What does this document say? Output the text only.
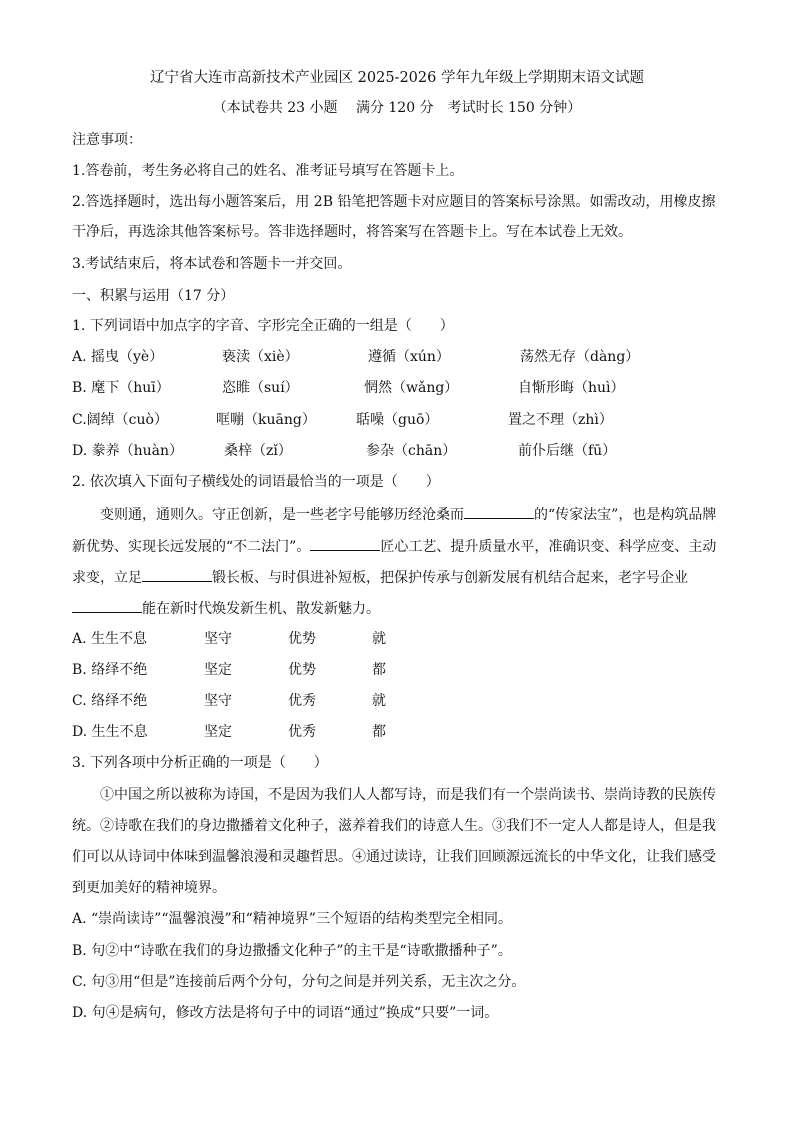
辽宁省大连市高新技术产业园区 2025-2026 学年九年级上学期期末语文试题
（本试卷共 23 小题　 满分 120 分　考试时长 150 分钟）
注意事项：
1.答卷前，考生务必将自己的姓名、准考证号填写在答题卡上。
2.答选择题时，选出每小题答案后，用 2B 铅笔把答题卡对应题目的答案标号涂黑。如需改动，用橡皮擦
干净后，再选涂其他答案标号。答非选择题时，将答案写在答题卡上。写在本试卷上无效。
3.考试结束后，将本试卷和答题卡一并交回。
一、积累与运用（17 分）
1. 下列词语中加点字的字音、字形完全正确的一组是（　　）
A. 摇曳（yè）	亵渎（xiè）	遵循（xún）	荡然无存（dàng）
B. 麾下（huī）	恣睢（suí）	惘然（wǎng）	自惭形晦（huì）
C.阔绰（cuò）	哐嘣（kuāng）	聒噪（guō）	置之不理（zhì）
D. 豢养（huàn）	桑梓（zǐ）	参杂（chān）	前仆后继（fū）
2. 依次填入下面句子横线处的词语最恰当的一项是（　　）
变则通，通则久。守正创新，是一些老字号能够历经沧桑而	的“传家法宝”，也是构筑品牌
新优势、实现长远发展的“不二法门”。	匠心工艺、提升质量水平，准确识变、科学应变、主动
求变，立足	锻长板、与时俱进补短板，把保护传承与创新发展有机结合起来，老字号企业
能在新时代焕发新生机、散发新魅力。
A. 生生不息	坚守	优势	就
B. 络绎不绝	坚定	优势	都
C. 络绎不绝	坚守	优秀	就
D. 生生不息	坚定	优秀	都
3. 下列各项中分析正确的一项是（　　）
①中国之所以被称为诗国，不是因为我们人人都写诗，而是我们有一个崇尚读书、崇尚诗教的民族传
统。②诗歌在我们的身边撒播着文化种子，滋养着我们的诗意人生。③我们不一定人人都是诗人，但是我
们可以从诗词中体味到温馨浪漫和灵趣哲思。④通过读诗，让我们回顾源远流长的中华文化，让我们感受
到更加美好的精神境界。
A. “崇尚读诗”“温馨浪漫”和“精神境界”三个短语的结构类型完全相同。
B. 句②中“诗歌在我们的身边撒播文化种子”的主干是“诗歌撒播种子”。
C. 句③用“但是”连接前后两个分句，分句之间是并列关系，无主次之分。
D. 句④是病句，修改方法是将句子中的词语“通过”换成“只要”一词。
